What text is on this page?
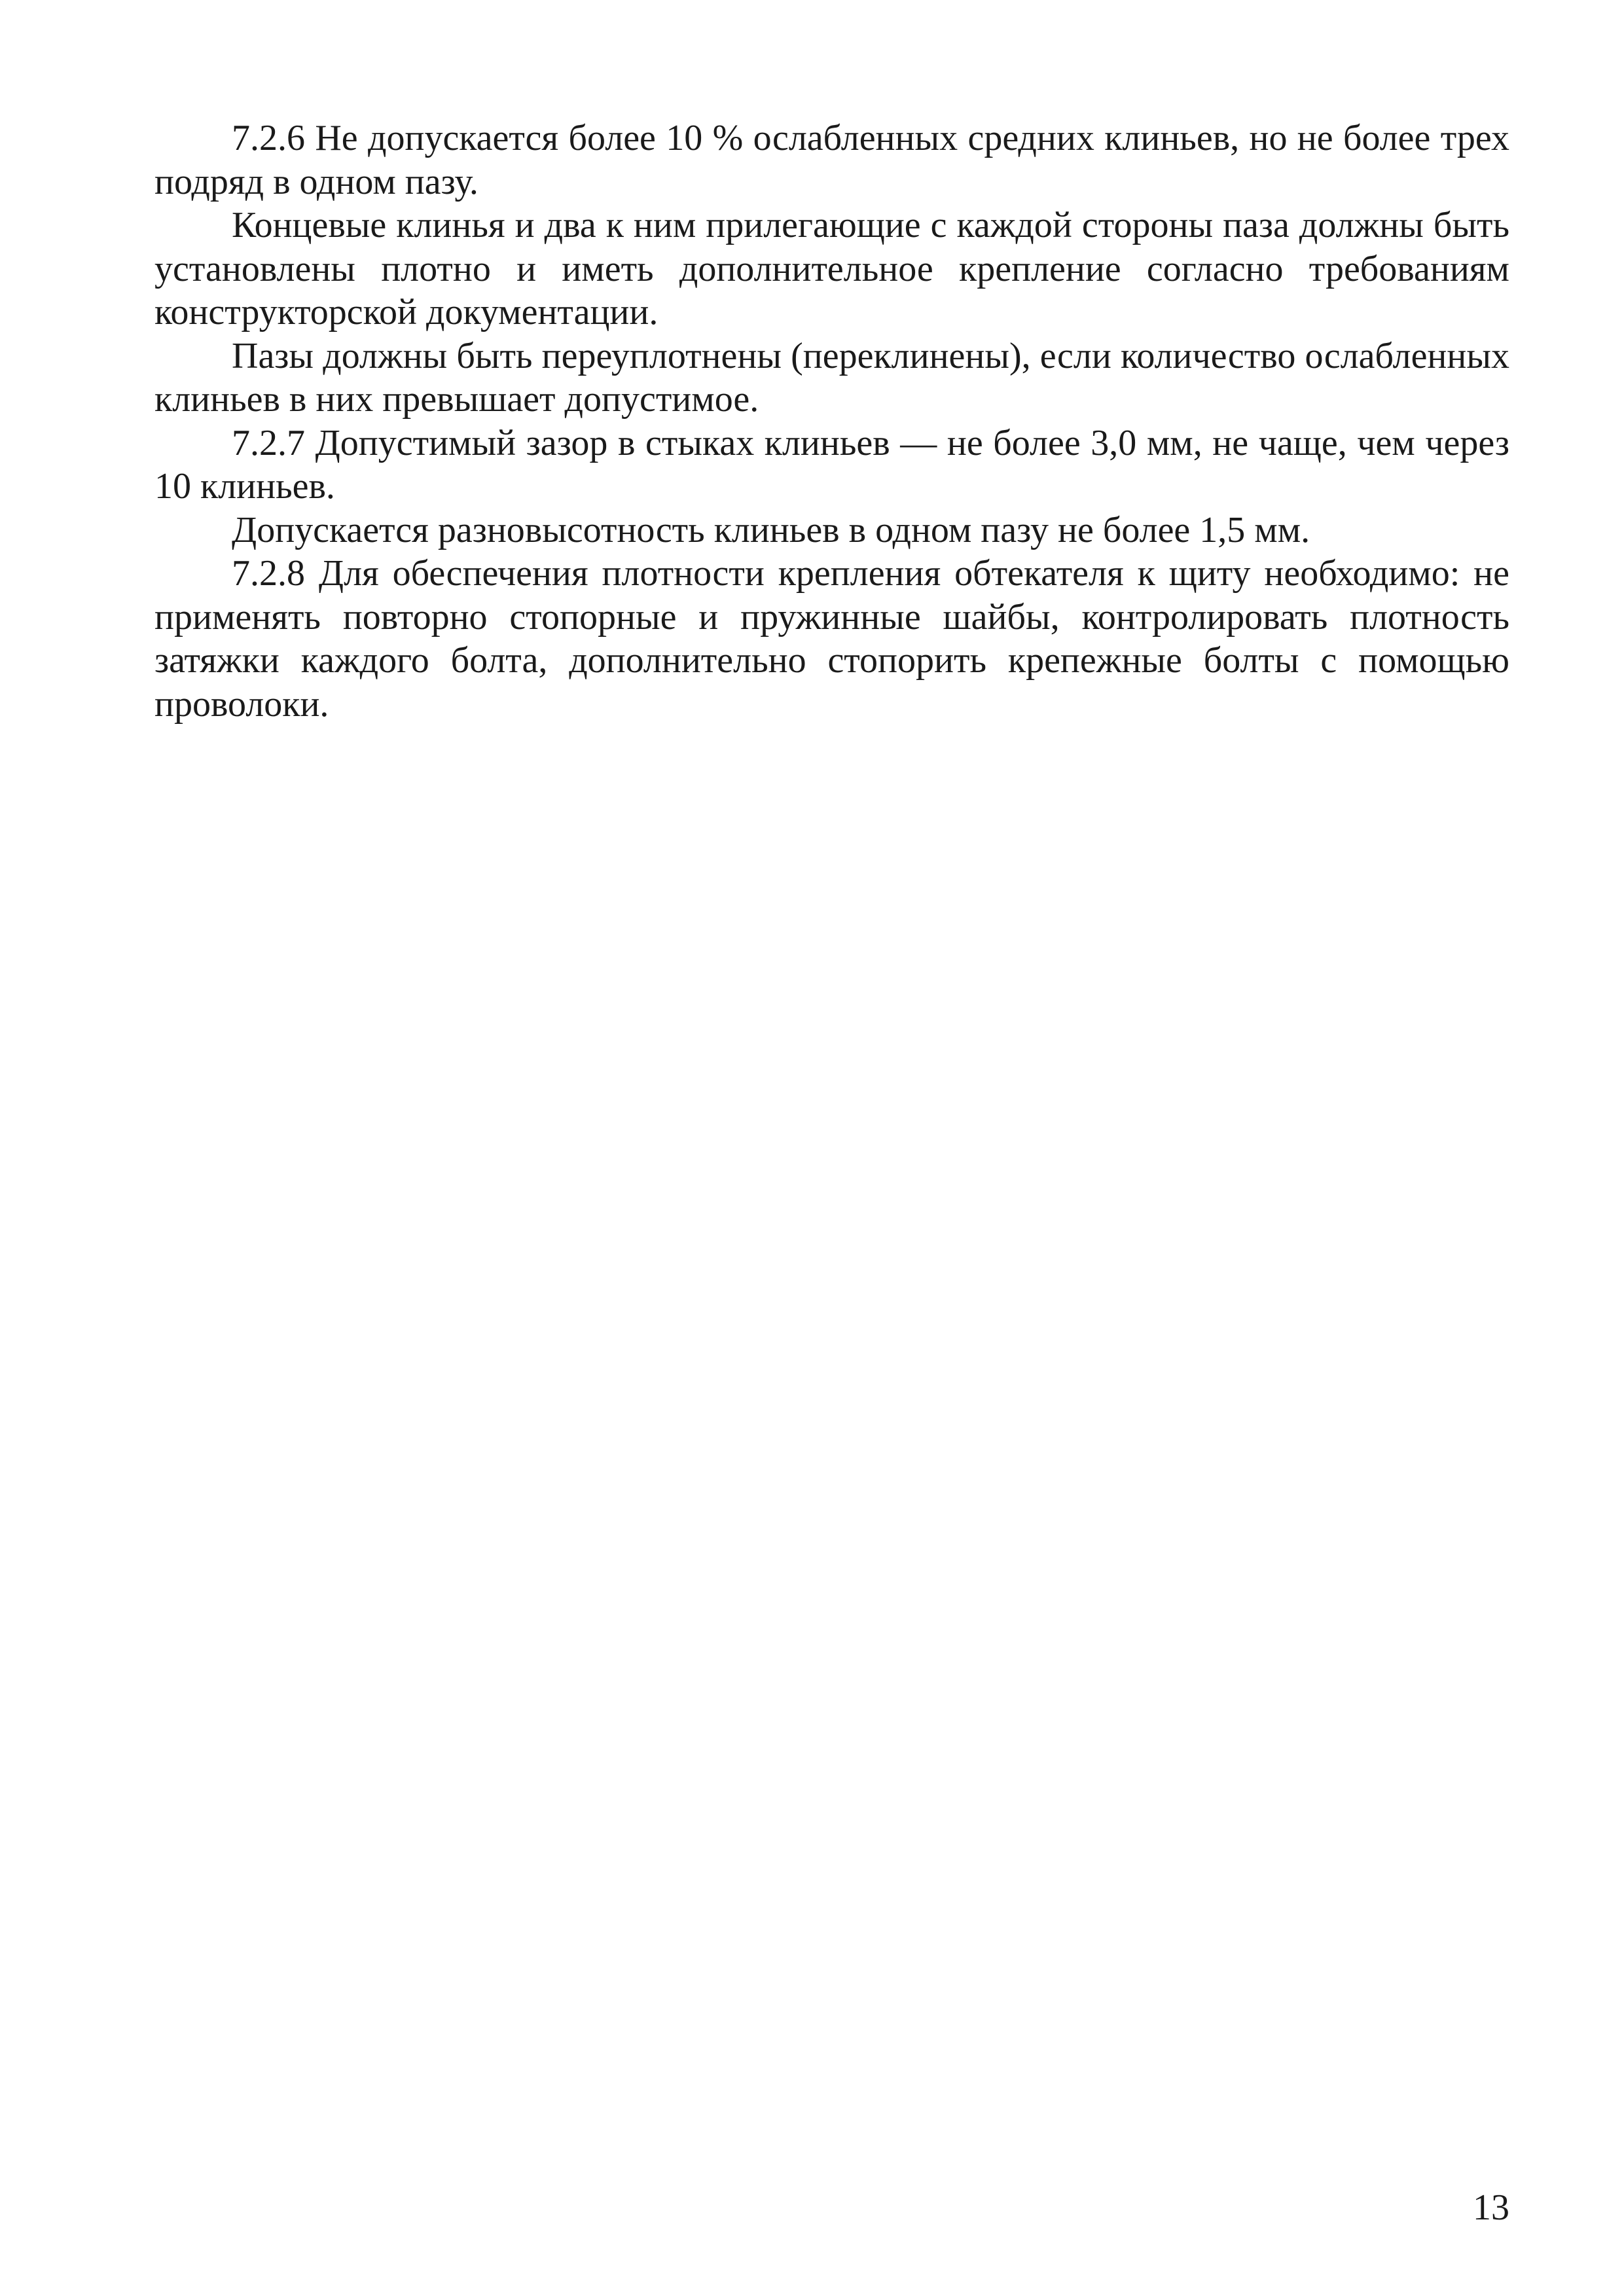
7.2.6 Не допускается более 10 % ослабленных средних клиньев, но не более трех подряд в одном пазу.

Концевые клинья и два к ним прилегающие с каждой стороны паза должны быть установлены плотно и иметь дополнительное крепление согласно требованиям конструкторской документации.

Пазы должны быть переуплотнены (переклинены), если количество ослабленных клиньев в них превышает допустимое.

7.2.7 Допустимый зазор в стыках клиньев — не более 3,0 мм, не чаще, чем через 10 клиньев.

Допускается разновысотность клиньев в одном пазу не более 1,5 мм.

7.2.8 Для обеспечения плотности крепления обтекателя к щиту необходимо: не применять повторно стопорные и пружинные шайбы, контролировать плотность затяжки каждого болта, дополнительно стопорить крепежные болты с помощью проволоки.

13
